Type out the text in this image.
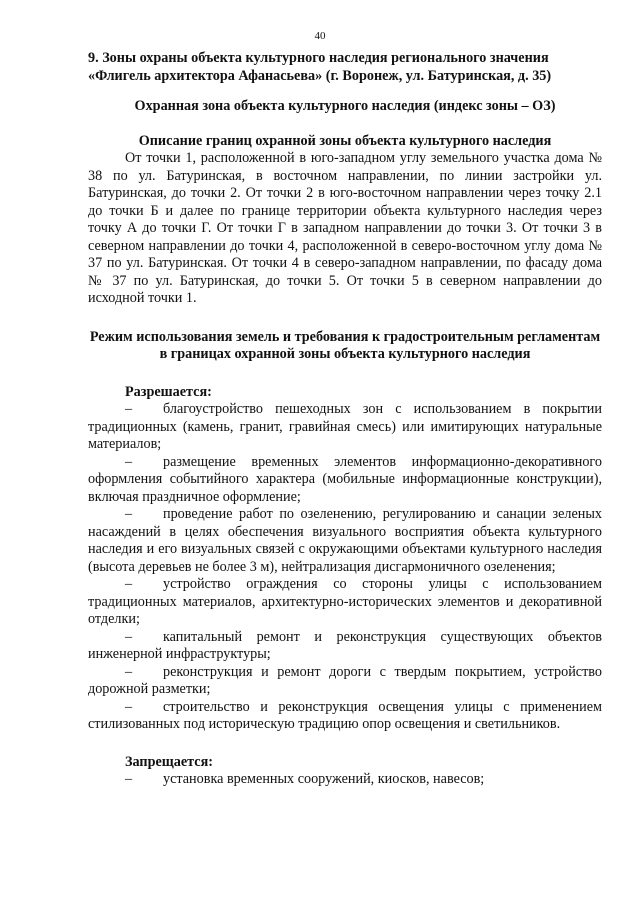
40

9. Зоны охраны объекта культурного наследия регионального значения

«Флигель архитектора Афанасьева» (г. Воронеж, ул. Батуринская, д. 35)

Охранная зона объекта культурного наследия (индекс зоны – ОЗ)

Описание границ охранной зоны объекта культурного наследия

От точки 1, расположенной в юго-западном углу земельного участка дома № 38 по ул. Батуринская, в восточном направлении, по линии застройки ул. Батуринская, до точки 2. От точки 2 в юго-восточном направлении через точку 2.1 до точки Б и далее по границе территории объекта культурного наследия через точку А до точки Г. От точки Г в западном направлении до точки 3. От точки 3 в северном направлении до точки 4, расположенной в северо-восточном углу дома № 37 по ул. Батуринская. От точки 4 в северо-западном направлении, по фасаду дома № 37 по ул. Батуринская, до точки 5. От точки 5 в северном направлении до исходной точки 1.

Режим использования земель и требования к градостроительным регламентам в границах охранной зоны объекта культурного наследия

Разрешается:

– благоустройство пешеходных зон с использованием в покрытии традиционных (камень, гранит, гравийная смесь) или имитирующих натуральные материалов;
– размещение временных элементов информационно-декоративного оформления событийного характера (мобильные информационные конструкции), включая праздничное оформление;
– проведение работ по озеленению, регулированию и санации зеленых насаждений в целях обеспечения визуального восприятия объекта культурного наследия и его визуальных связей с окружающими объектами культурного наследия (высота деревьев не более 3 м), нейтрализация дисгармоничного озеленения;
– устройство ограждения со стороны улицы с использованием традиционных материалов, архитектурно-исторических элементов и декоративной отделки;
– капитальный ремонт и реконструкция существующих объектов инженерной инфраструктуры;
– реконструкция и ремонт дороги с твердым покрытием, устройство дорожной разметки;
– строительство и реконструкция освещения улицы с применением стилизованных под историческую традицию опор освещения и светильников.

Запрещается:

– установка временных сооружений, киосков, навесов;
